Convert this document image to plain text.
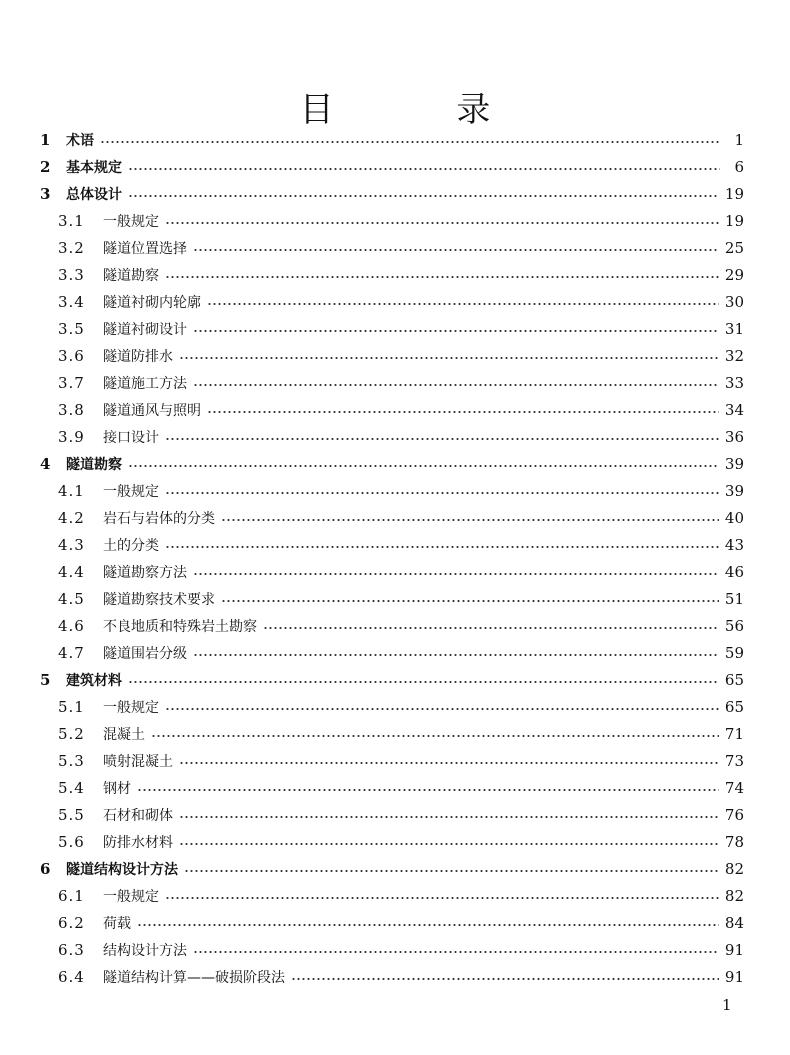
目 录
1	术语	1
2	基本规定	6
3	总体设计	19
3.1	一般规定	19
3.2	隧道位置选择	25
3.3	隧道勘察	29
3.4	隧道衬砌内轮廓	30
3.5	隧道衬砌设计	31
3.6	隧道防排水	32
3.7	隧道施工方法	33
3.8	隧道通风与照明	34
3.9	接口设计	36
4	隧道勘察	39
4.1	一般规定	39
4.2	岩石与岩体的分类	40
4.3	土的分类	43
4.4	隧道勘察方法	46
4.5	隧道勘察技术要求	51
4.6	不良地质和特殊岩土勘察	56
4.7	隧道围岩分级	59
5	建筑材料	65
5.1	一般规定	65
5.2	混凝土	71
5.3	喷射混凝土	73
5.4	钢材	74
5.5	石材和砌体	76
5.6	防排水材料	78
6	隧道结构设计方法	82
6.1	一般规定	82
6.2	荷载	84
6.3	结构设计方法	91
6.4	隧道结构计算——破损阶段法	91
1
